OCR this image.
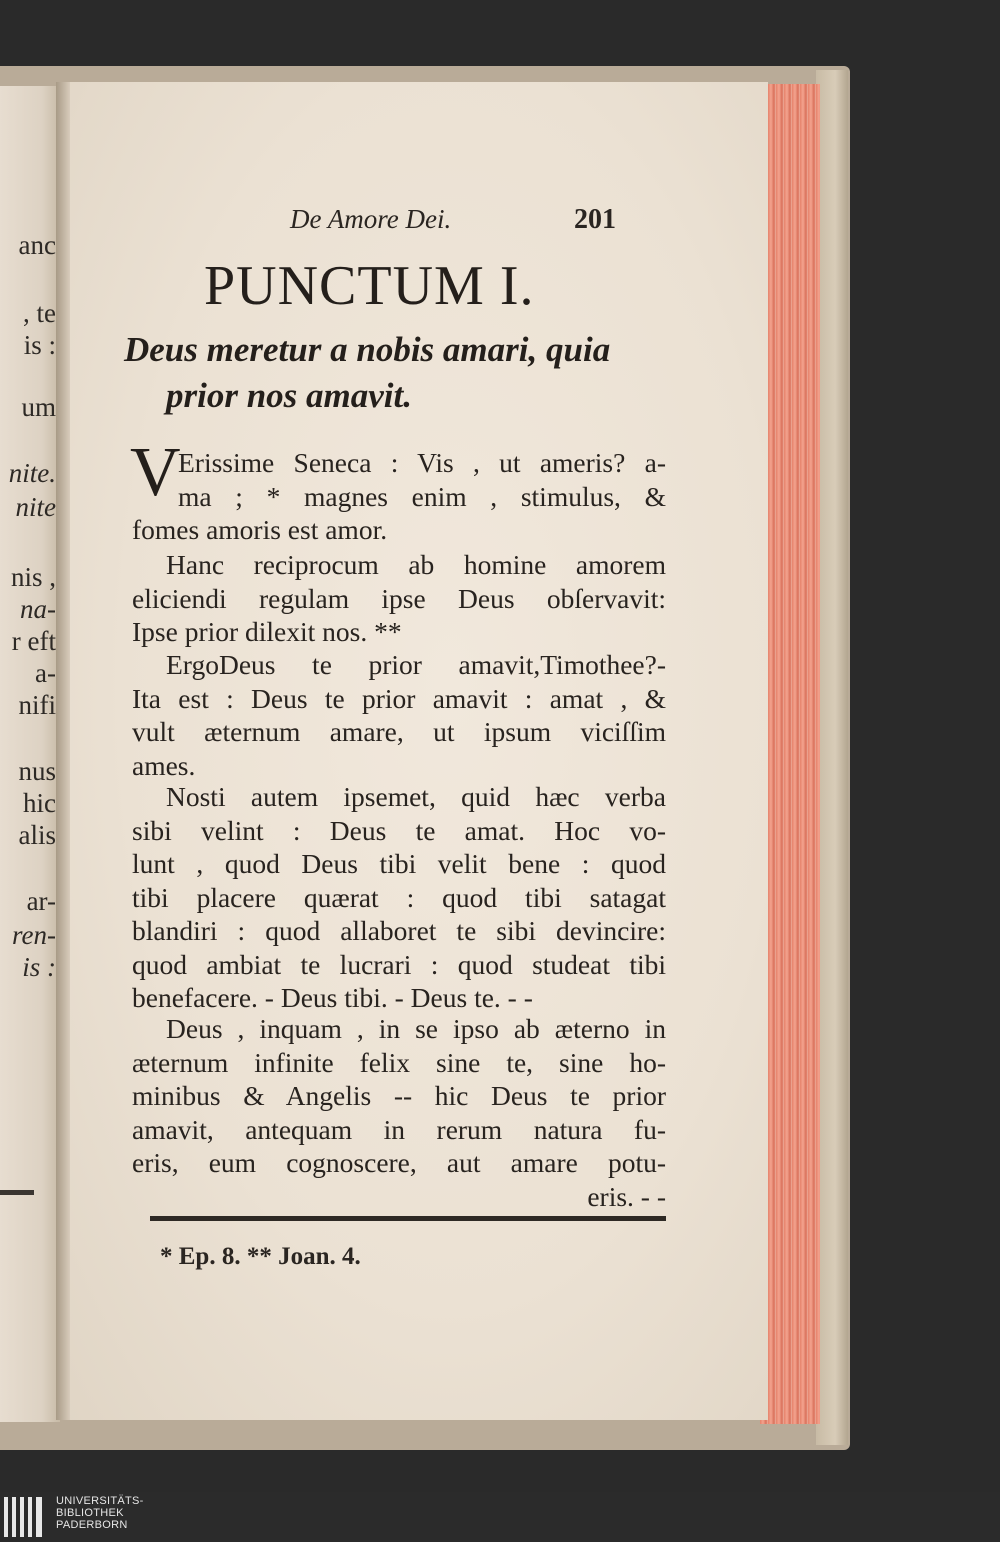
anc
, te
is :
um
nite.
nite
nis ,
na-
r eft
a-
nifi
nus
hic
alis
ar-
ren-
is :
De Amore Dei.	201
PUNCTUM I.
Deus meretur a nobis amari, quia
prior nos amavit.
V
Erissime Seneca : Vis , ut ameris? a-
ma ; * magnes enim , stimulus, &
fomes amoris est amor.
Hanc reciprocum ab homine amorem
eliciendi regulam ipse Deus obſervavit:
Ipse prior dilexit nos. **
ErgoDeus te prior amavit,Timothee?-
Ita est : Deus te prior amavit : amat , &
vult æternum amare, ut ipsum viciſſim
ames.
Nosti autem ipsemet, quid hæc verba
sibi velint : Deus te amat. Hoc vo-
lunt , quod Deus tibi velit bene : quod
tibi placere quærat : quod tibi satagat
blandiri : quod allaboret te sibi devincire:
quod ambiat te lucrari : quod studeat tibi
benefacere. - Deus tibi. - Deus te. - -
Deus , inquam , in se ipso ab æterno in
æternum infinite felix sine te, sine ho-
minibus & Angelis -- hic Deus te prior
amavit, antequam in rerum natura fu-
eris, eum cognoscere, aut amare potu-
eris. - -
* Ep. 8. ** Joan. 4.
UNIVERSITÄTS-
BIBLIOTHEK
PADERBORN
